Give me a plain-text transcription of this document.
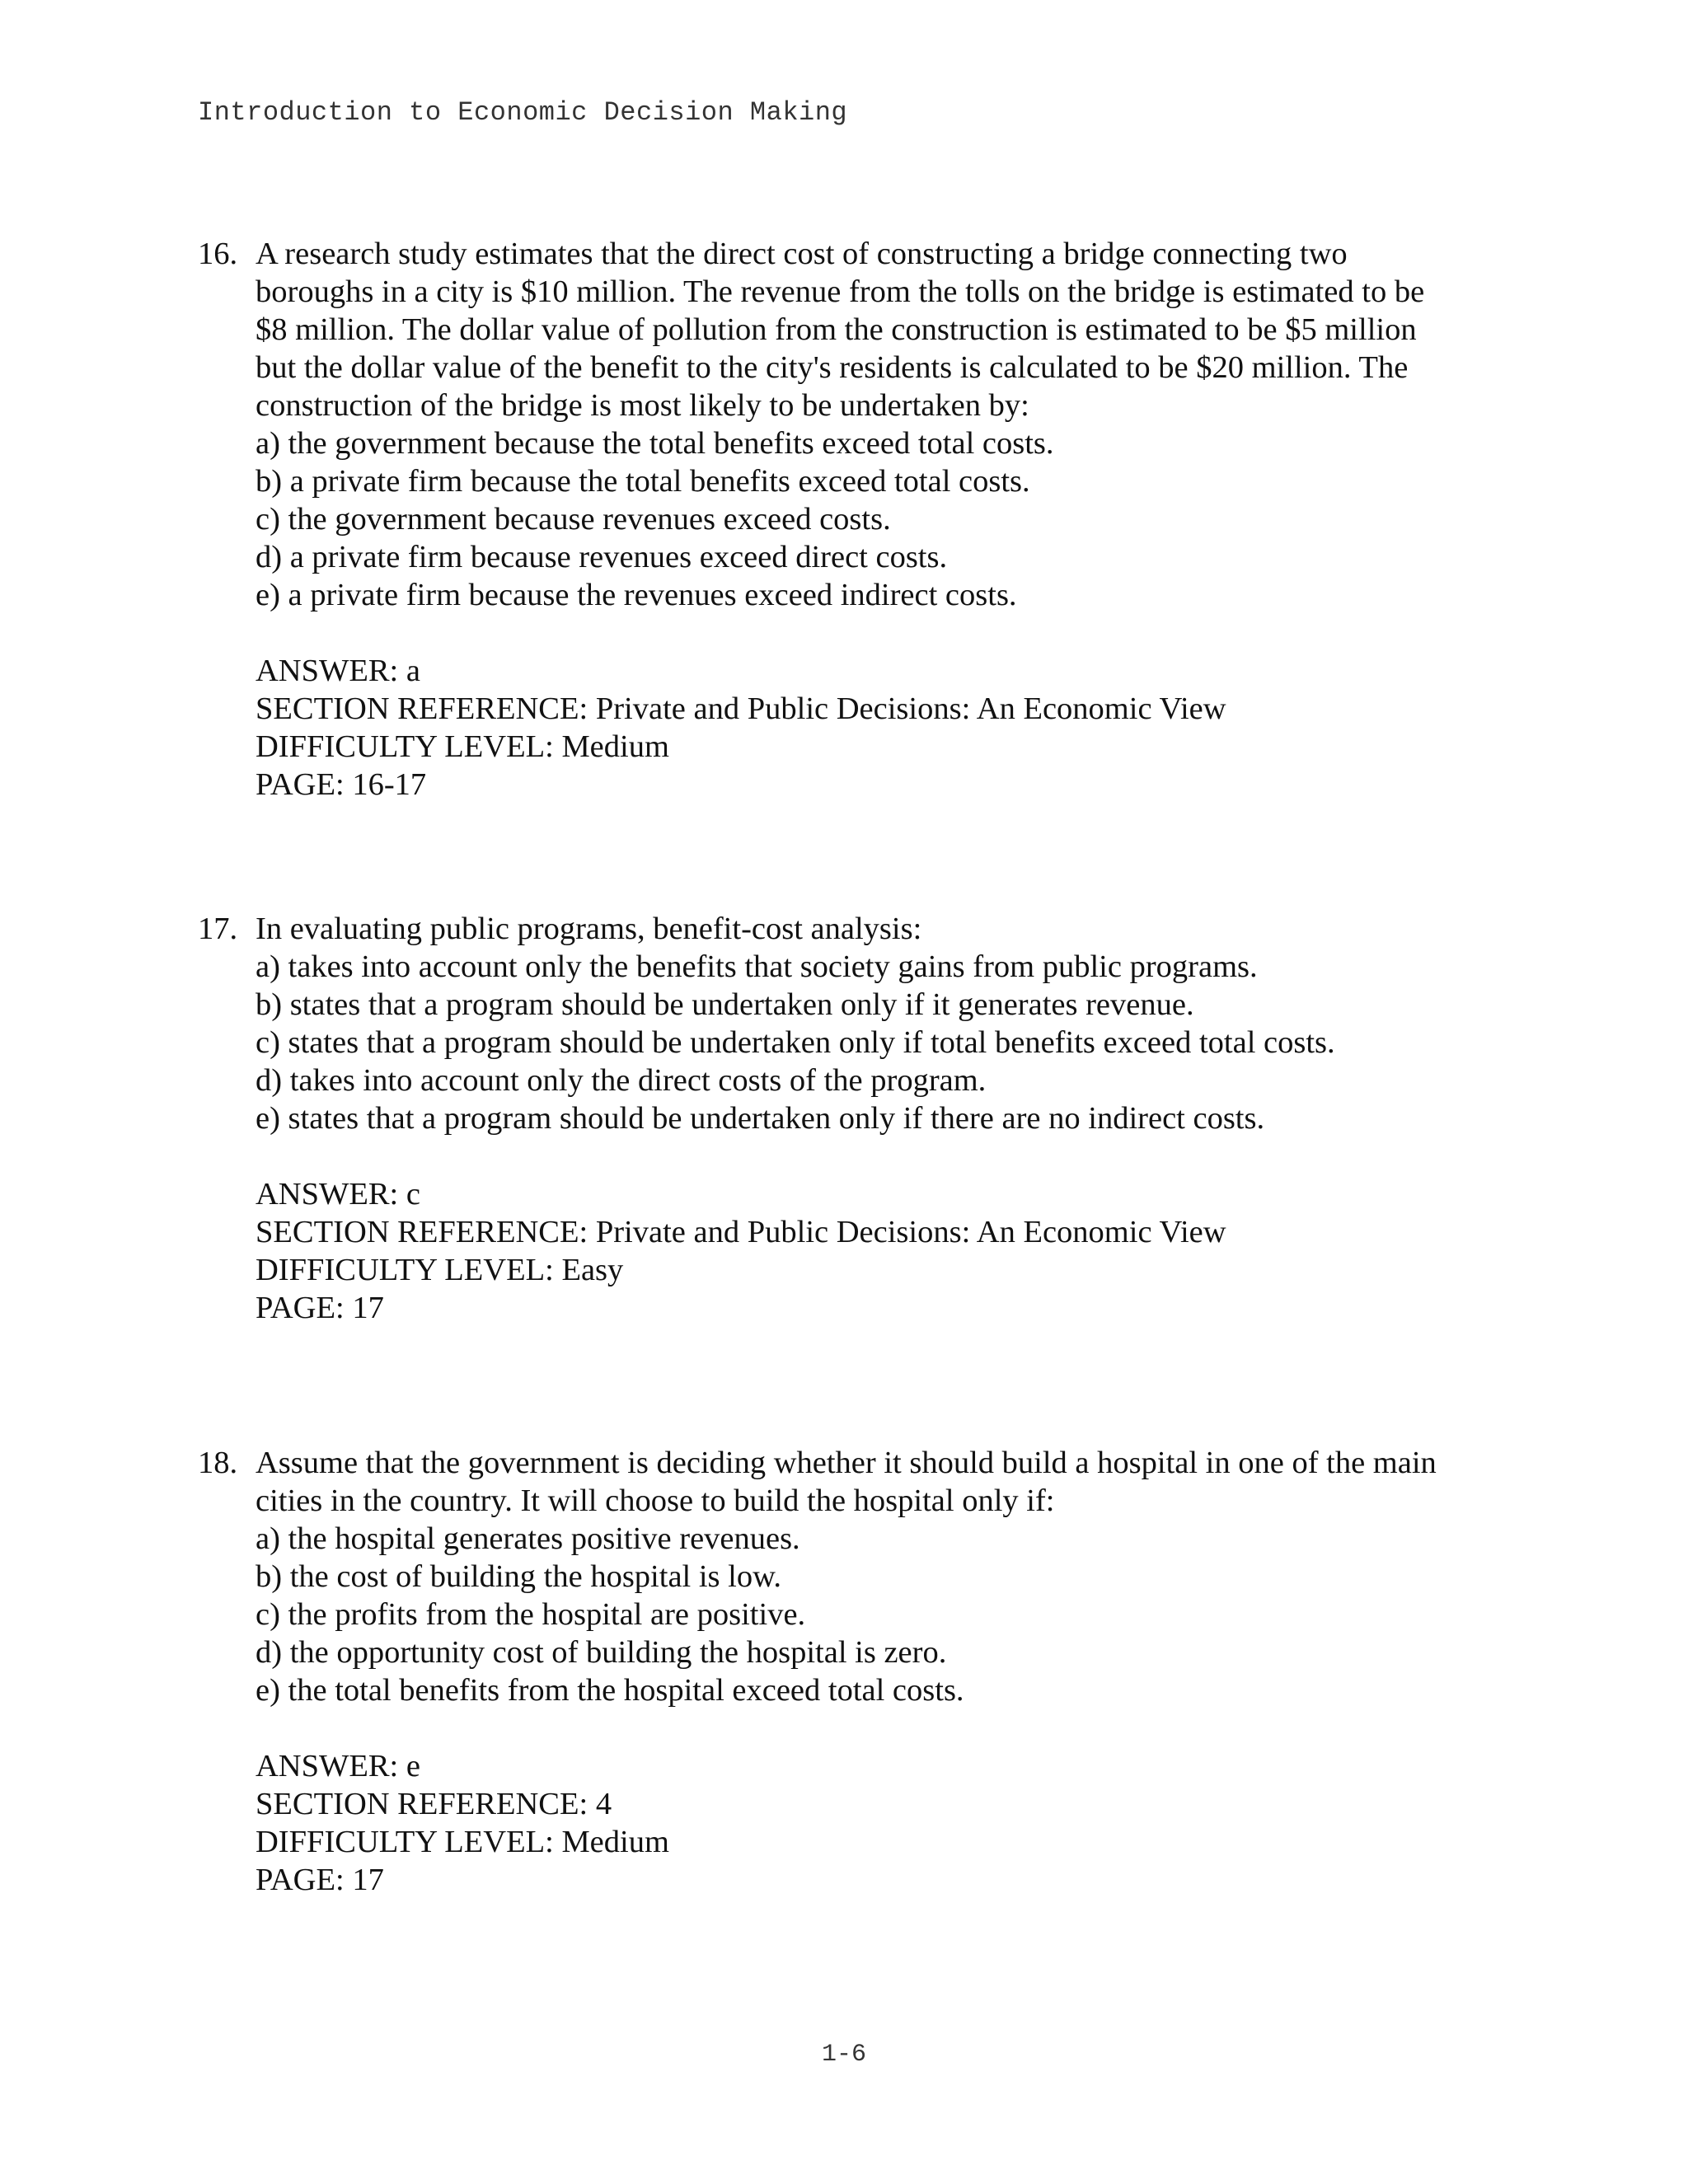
Introduction to Economic Decision Making
16. A research study estimates that the direct cost of constructing a bridge connecting two
boroughs in a city is $10 million. The revenue from the tolls on the bridge is estimated to be
$8 million. The dollar value of pollution from the construction is estimated to be $5 million
but the dollar value of the benefit to the city's residents is calculated to be $20 million. The
construction of the bridge is most likely to be undertaken by:
a) the government because the total benefits exceed total costs.
b) a private firm because the total benefits exceed total costs.
c) the government because revenues exceed costs.
d) a private firm because revenues exceed direct costs.
e) a private firm because the revenues exceed indirect costs.
ANSWER: a
SECTION REFERENCE: Private and Public Decisions: An Economic View
DIFFICULTY LEVEL: Medium
PAGE: 16-17
17. In evaluating public programs, benefit-cost analysis:
a) takes into account only the benefits that society gains from public programs.
b) states that a program should be undertaken only if it generates revenue.
c) states that a program should be undertaken only if total benefits exceed total costs.
d) takes into account only the direct costs of the program.
e) states that a program should be undertaken only if there are no indirect costs.
ANSWER: c
SECTION REFERENCE: Private and Public Decisions: An Economic View
DIFFICULTY LEVEL: Easy
PAGE: 17
18. Assume that the government is deciding whether it should build a hospital in one of the main
cities in the country. It will choose to build the hospital only if:
a) the hospital generates positive revenues.
b) the cost of building the hospital is low.
c) the profits from the hospital are positive.
d) the opportunity cost of building the hospital is zero.
e) the total benefits from the hospital exceed total costs.
ANSWER: e
SECTION REFERENCE: 4
DIFFICULTY LEVEL: Medium
PAGE: 17
1-6
